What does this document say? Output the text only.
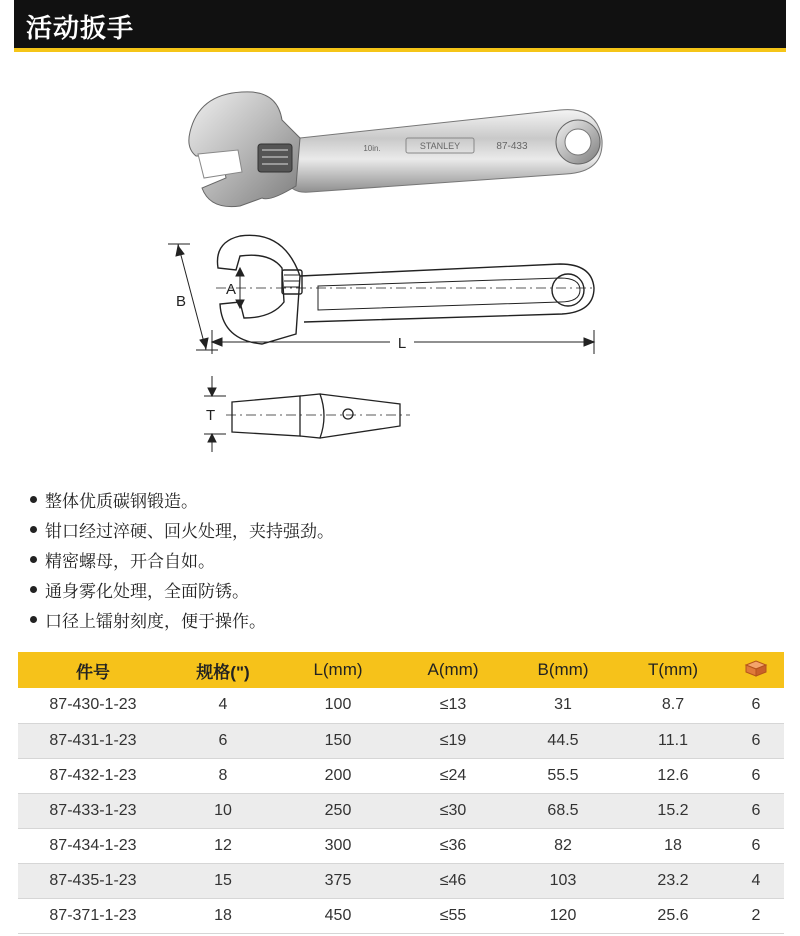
活动扳手
STANLEY	87-433
10in.
A
B
L
T
整体优质碳钢锻造。
钳口经过淬硬、回火处理，夹持强劲。
精密螺母，开合自如。
通身雾化处理，全面防锈。
口径上镭射刻度，便于操作。
件号	规格(")	L(mm)	A(mm)	B(mm)	T(mm)	
87-430-1-23	4	100	≤13	31	8.7	6
87-431-1-23	6	150	≤19	44.5	11.1	6
87-432-1-23	8	200	≤24	55.5	12.6	6
87-433-1-23	10	250	≤30	68.5	15.2	6
87-434-1-23	12	300	≤36	82	18	6
87-435-1-23	15	375	≤46	103	23.2	4
87-371-1-23	18	450	≤55	120	25.6	2
